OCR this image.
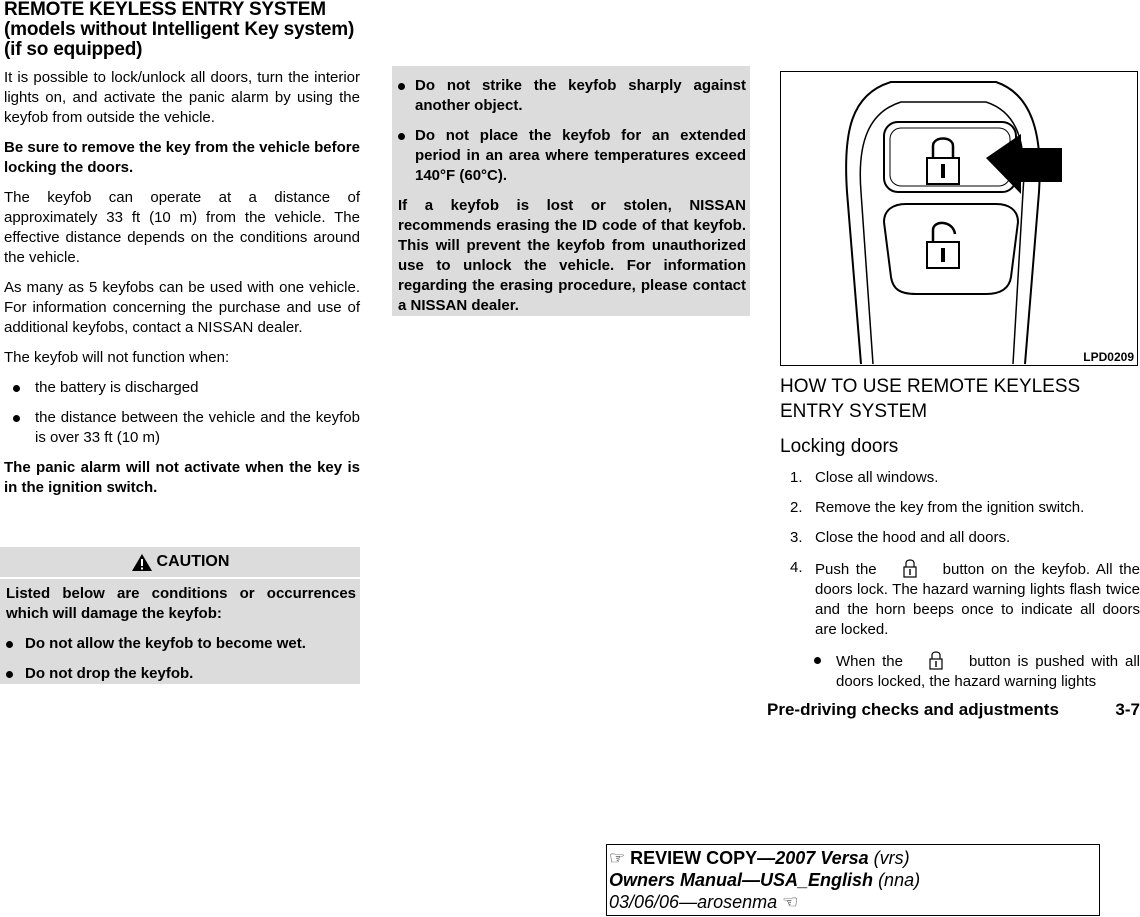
REMOTE KEYLESS ENTRY SYSTEM (models without Intelligent Key system) (if so equipped)

It is possible to lock/unlock all doors, turn the interior lights on, and activate the panic alarm by using the keyfob from outside the vehicle.

Be sure to remove the key from the vehicle before locking the doors.

The keyfob can operate at a distance of approximately 33 ft (10 m) from the vehicle. The effective distance depends on the conditions around the vehicle.

As many as 5 keyfobs can be used with one vehicle. For information concerning the purchase and use of additional keyfobs, contact a NISSAN dealer.

The keyfob will not function when:

the battery is discharged

the distance between the vehicle and the keyfob is over 33 ft (10 m)

The panic alarm will not activate when the key is in the ignition switch.

CAUTION

Listed below are conditions or occurrences which will damage the keyfob:

Do not allow the keyfob to become wet.

Do not drop the keyfob.

Do not strike the keyfob sharply against another object.

Do not place the keyfob for an extended period in an area where temperatures exceed 140°F (60°C).

If a keyfob is lost or stolen, NISSAN recommends erasing the ID code of that keyfob. This will prevent the keyfob from unauthorized use to unlock the vehicle. For information regarding the erasing procedure, please contact a NISSAN dealer.

LPD0209
HOW TO USE REMOTE KEYLESS ENTRY SYSTEM
Locking doors

1. Close all windows.

2. Remove the key from the ignition switch.

3. Close the hood and all doors.

4. Push the	button on the keyfob. All the doors lock. The hazard warning lights flash twice and the horn beeps once to indicate all doors are locked.

When the	button is pushed with all doors locked, the hazard warning lights

Pre-driving checks and adjustments	3-7
☞ REVIEW COPY—2007 Versa (vrs)
Owners Manual—USA_English (nna)
03/06/06—arosenma ☜
